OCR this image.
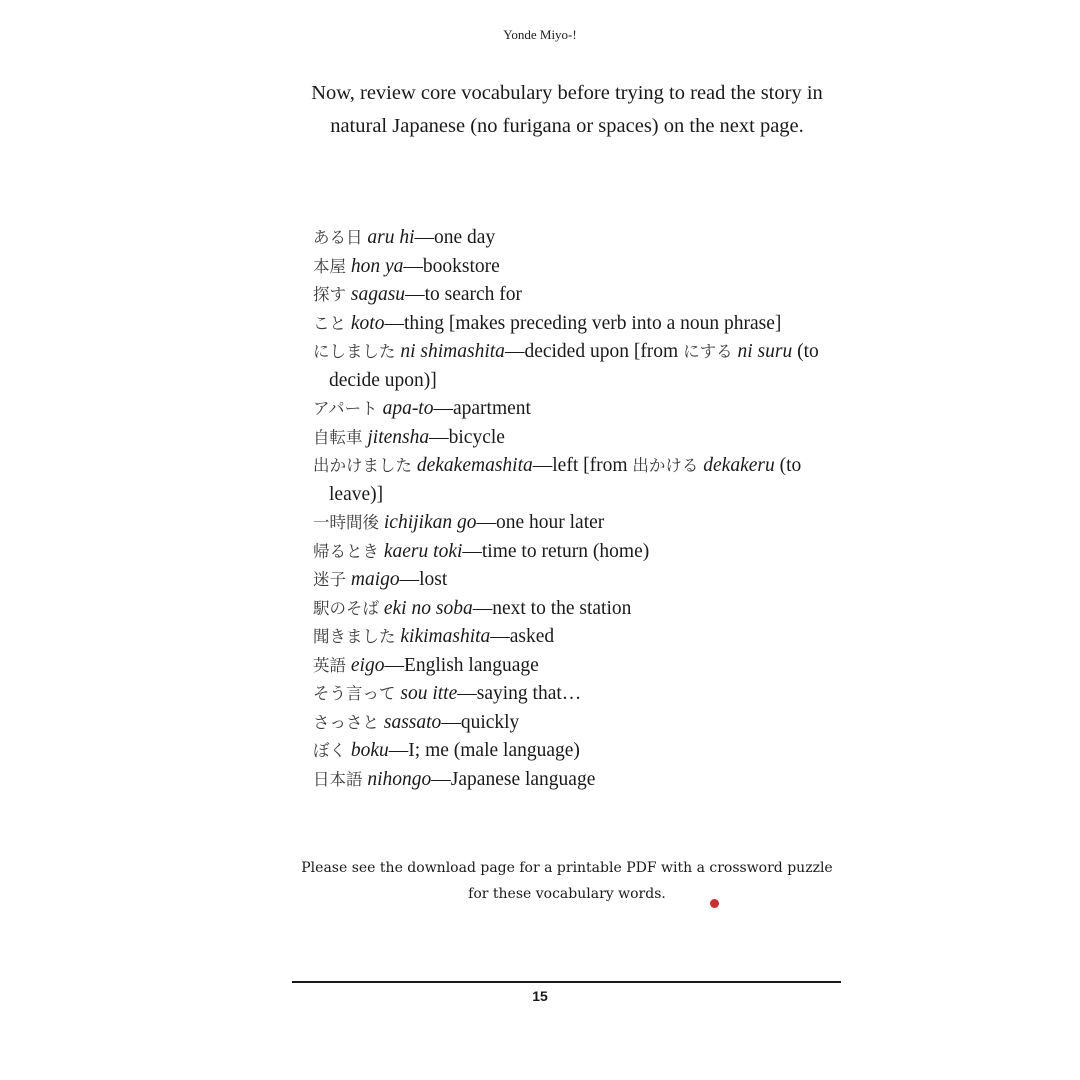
Yonde Miyo-!
Now, review core vocabulary before trying to read the story in natural Japanese (no furigana or spaces) on the next page.
ある日 aru hi—one day
本屋 hon ya—bookstore
探す sagasu—to search for
こと koto—thing [makes preceding verb into a noun phrase]
にしました ni shimashita—decided upon [from にする ni suru (to decide upon)]
アパート apa-to—apartment
自転車 jitensha—bicycle
出かけました dekakemashita—left [from 出かける dekakeru (to leave)]
一時間後 ichijikan go—one hour later
帰るとき kaeru toki—time to return (home)
迷子 maigo—lost
駅のそば eki no soba—next to the station
聞きました kikimashita—asked
英語 eigo—English language
そう言って sou itte—saying that…
さっさと sassato—quickly
ぼく boku—I; me (male language)
日本語 nihongo—Japanese language
Please see the download page for a printable PDF with a crossword puzzle for these vocabulary words.
15
